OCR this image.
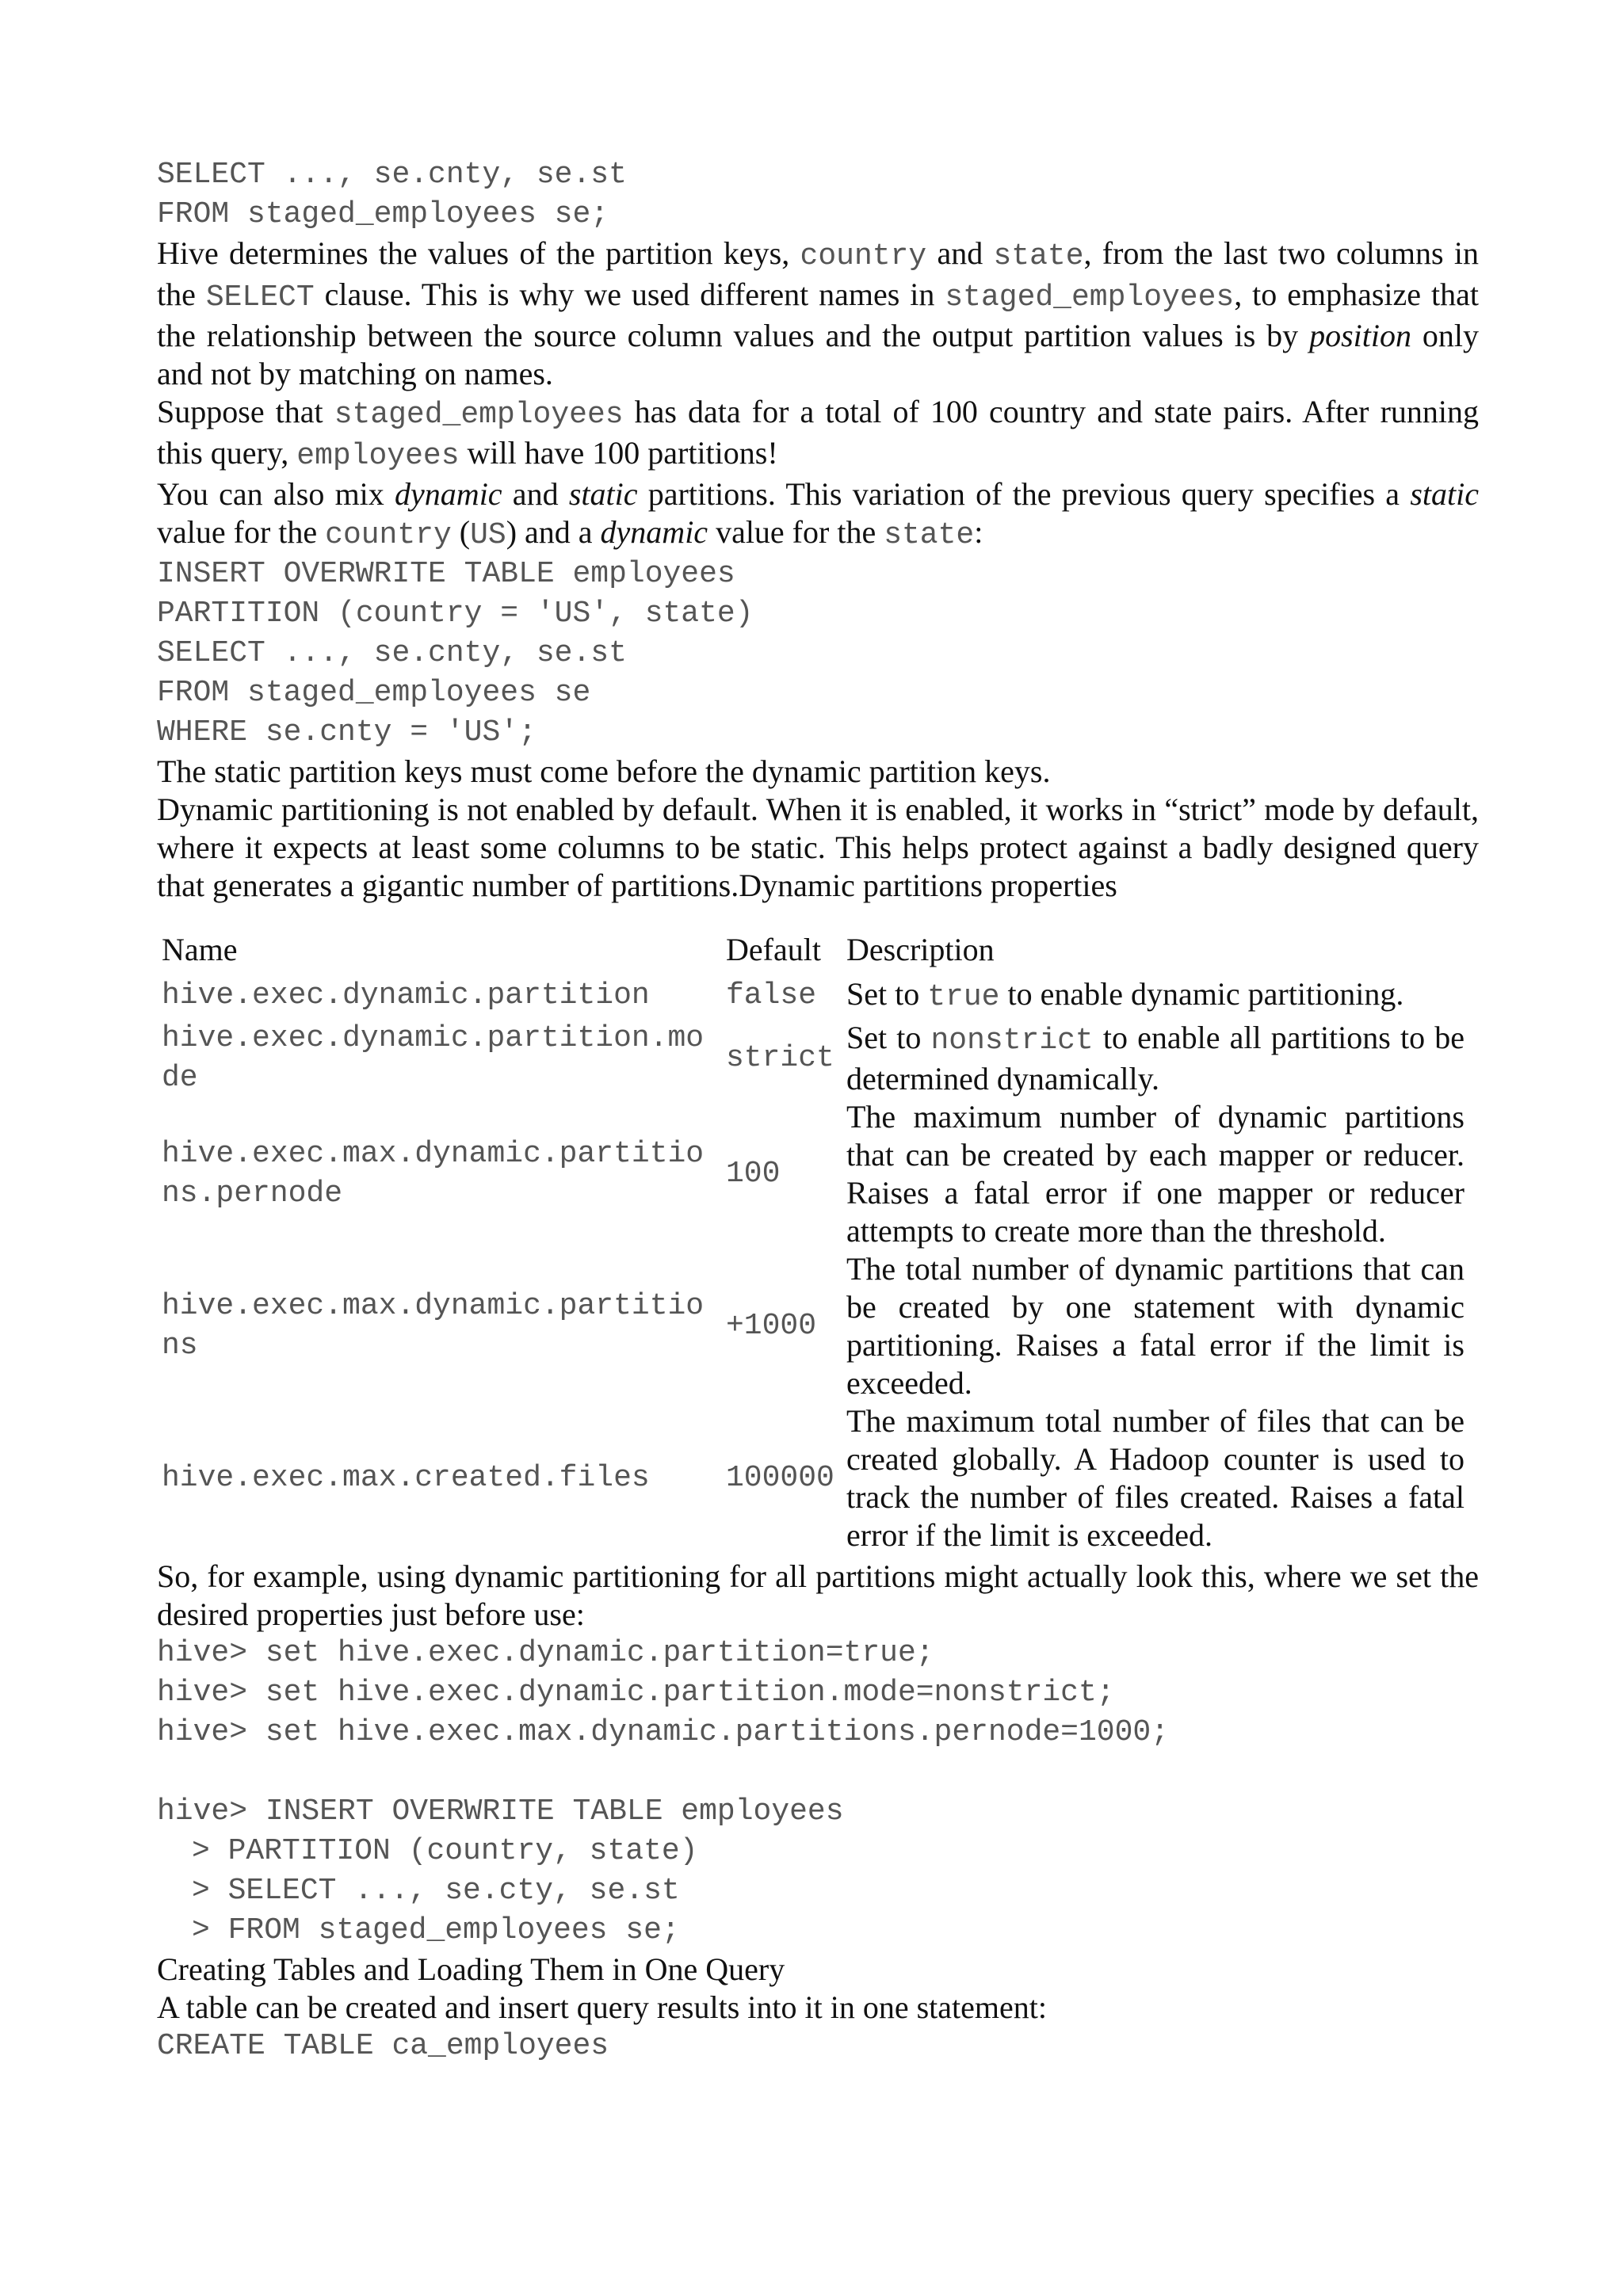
SELECT ..., se.cnty, se.st
FROM staged_employees se;

Hive determines the values of the partition keys, country and state, from the last two columns in the SELECT clause. This is why we used different names in staged_employees, to emphasize that the relationship between the source column values and the output partition values is by position only and not by matching on names.

Suppose that staged_employees has data for a total of 100 country and state pairs. After running this query, employees will have 100 partitions!

You can also mix dynamic and static partitions. This variation of the previous query specifies a static value for the country (US) and a dynamic value for the state:

INSERT OVERWRITE TABLE employees
PARTITION (country = 'US', state)
SELECT ..., se.cnty, se.st
FROM staged_employees se
WHERE se.cnty = 'US';

The static partition keys must come before the dynamic partition keys.

Dynamic partitioning is not enabled by default. When it is enabled, it works in “strict” mode by default, where it expects at least some columns to be static. This helps protect against a badly designed query that generates a gigantic number of partitions.Dynamic partitions properties

Name	Default	Description
hive.exec.dynamic.partition	false	Set to true to enable dynamic partitioning.
hive.exec.dynamic.partition.mode	strict	Set to nonstrict to enable all partitions to be determined dynamically.
hive.exec.max.dynamic.partitions.pernode	100	The maximum number of dynamic partitions that can be created by each mapper or reducer. Raises a fatal error if one mapper or reducer attempts to create more than the threshold.
hive.exec.max.dynamic.partitions	+1000	The total number of dynamic partitions that can be created by one statement with dynamic partitioning. Raises a fatal error if the limit is exceeded.
hive.exec.max.created.files	100000	The maximum total number of files that can be created globally. A Hadoop counter is used to track the number of files created. Raises a fatal error if the limit is exceeded.

So, for example, using dynamic partitioning for all partitions might actually look this, where we set the desired properties just before use:

hive> set hive.exec.dynamic.partition=true;
hive> set hive.exec.dynamic.partition.mode=nonstrict;
hive> set hive.exec.max.dynamic.partitions.pernode=1000;
hive> INSERT OVERWRITE TABLE employees
> PARTITION (country, state)
> SELECT ..., se.cty, se.st
> FROM staged_employees se;

Creating Tables and Loading Them in One Query

A table can be created and insert query results into it in one statement:

CREATE TABLE ca_employees
